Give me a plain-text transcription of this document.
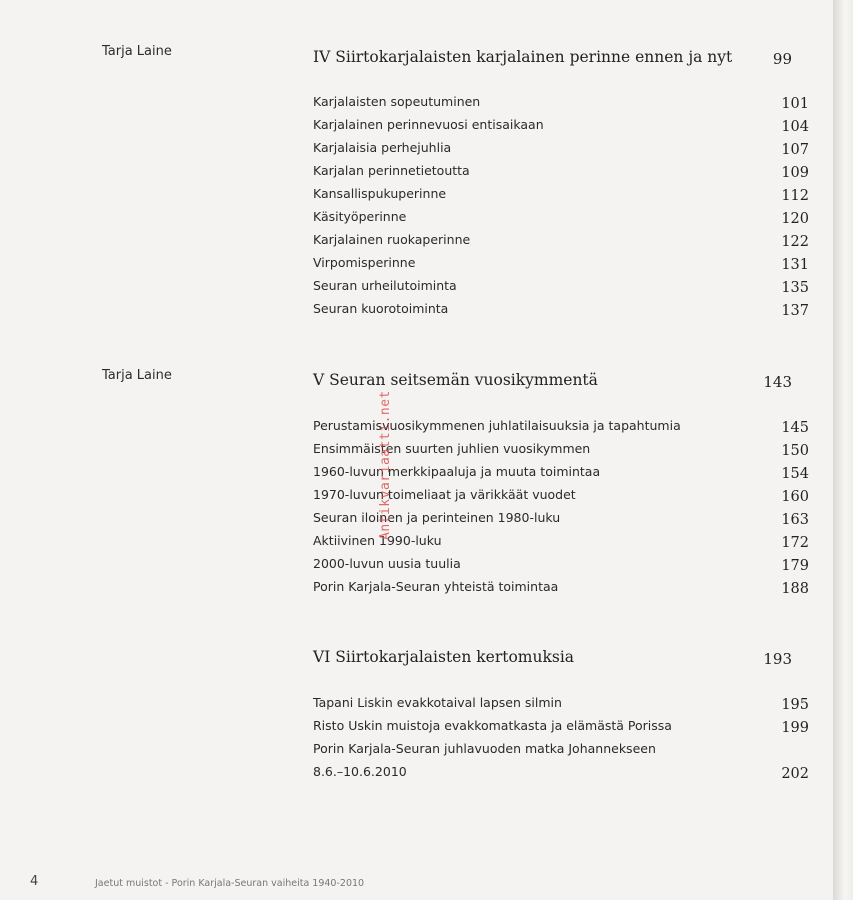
Tarja Laine	IV Siirtokarjalaisten karjalainen perinne ennen ja nyt	99
Karjalaisten sopeutuminen	101
Karjalainen perinnevuosi entisaikaan	104
Karjalaisia perhejuhlia	107
Karjalan perinnetietoutta	109
Kansallispukuperinne	112
Käsityöperinne	120
Karjalainen ruokaperinne	122
Virpomisperinne	131
Seuran urheilutoiminta	135
Seuran kuorotoiminta	137
Tarja Laine	V Seuran seitsemän vuosikymmentä	143
Perustamisvuosikymmenen juhlatilaisuuksia ja tapahtumia	145
Ensimmäisten suurten juhlien vuosikymmen	150
1960-luvun merkkipaaluja ja muuta toimintaa	154
1970-luvun toimeliaat ja värikkäät vuodet	160
Seuran iloinen ja perinteinen 1980-luku	163
Aktiivinen 1990-luku	172
2000-luvun uusia tuulia	179
Porin Karjala-Seuran yhteistä toimintaa	188
VI Siirtokarjalaisten kertomuksia	193
Tapani Liskin evakkotaival lapsen silmin	195
Risto Uskin muistoja evakkomatkasta ja elämästä Porissa	199
Porin Karjala-Seuran juhlavuoden matka Johannekseen
8.6.–10.6.2010	202
Antikvariaatti.net
4	Jaetut muistot - Porin Karjala-Seuran vaiheita 1940-2010
